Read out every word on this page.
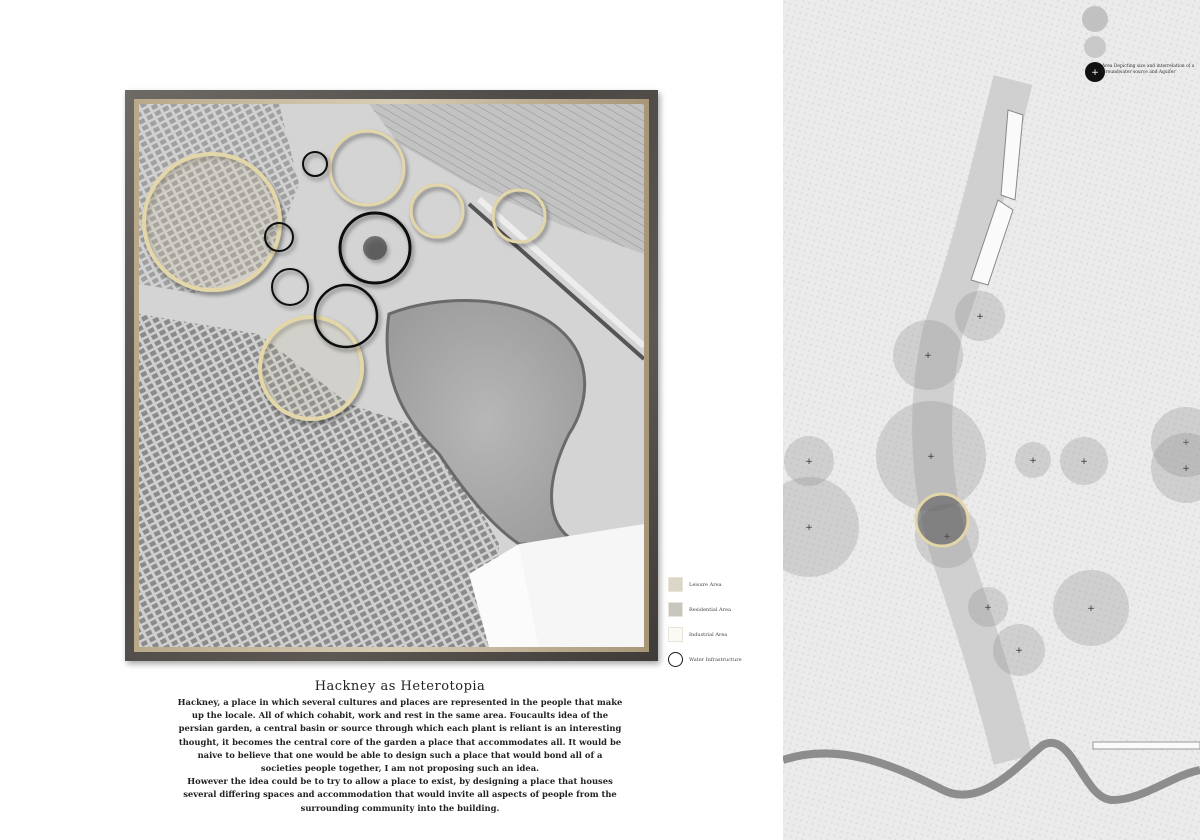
Leisure Area
Residential Area
Industrial Area
Water Infrastructure
Hackney as Heterotopia

Hackney, a place in which several cultures and places are represented in the people that make up the locale. All of which cohabit, work and rest in the same area. Foucaults idea of the persian garden, a central basin or source through which each plant is reliant is an interesting thought, it becomes the central core of the garden a place that accommodates all. It would be naive to believe that one would be able to design such a place that would bond all of a societies people together, I am not proposing such an idea.

However the idea could be to try to allow a place to exist, by designing a place that houses several differing spaces and accommodation that would invite all aspects of people from the surrounding community into the building.

+
+
+
+
+
+	+
+
+
+
+
+
+
Area Depicting size and interrelation of a Groundwater source and Aquifer
